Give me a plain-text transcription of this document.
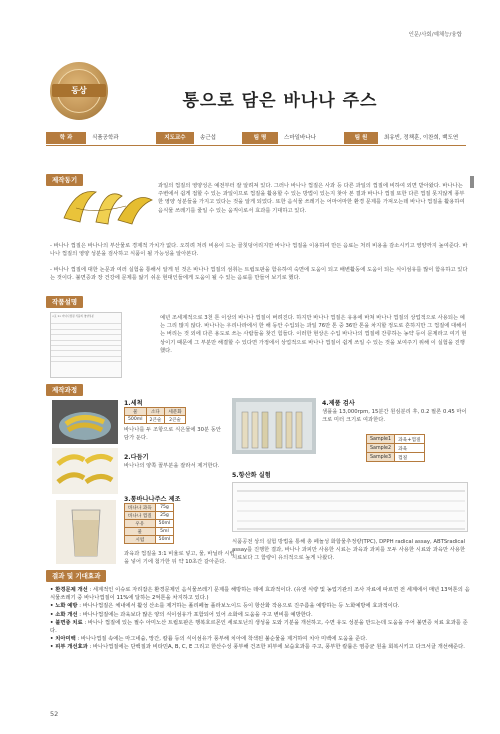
인문/사회/예체능/융합
동상
통으로 담은 바나나 주스
학 과	식품공학과	지도교수	송근섭	팀 명	스마일바나나	팀 원	최유빈, 정책훈, 이찬희, 백도연
제작동기
과일의 껍질의 영양성은 예전부터 잘 알려져 있다. 그러나 바나나 껍질은 사과 등 다른 과일의 껍질에 비하여 외면 받아왔다. 바나나는 주변에서 쉽게 접할 수 있는 과일이므로 껍질을 활용할 수 있는 방법이 있는지 찾아 본 결과 바나나 껍질 또한 다른 껍질 못지않게 풍부한 영양 성분들을 가지고 있다는 것을 알게 되었다. 또한 음식물 쓰레기는 어마어마한 환경 문제를 가져오는데 바나나 껍질을 활용하여 음식물 쓰레기를 줄일 수 있는 움직이로서 효과를 기대하고 있다.
- 바나나 껍질은 바나나의 부산물로 경제적 가치가 없다. 오히려 처리 비용이 드는 골칫덩어리지만 바나나 껍질을 이용하여 만든 음료는 처리 비용을 감소시키고 영양까지 높여준다. 바나나 껍질의 영양 성분을 검사하고 식품이 될 가능성을 알아본다.
- 바나나 껍질에 대한 논문과 여러 실험을 통해서 알게 된 것은 바나나 껍질의 섬취는 트립토판을 함유하여 숙면에 도움이 되고 배변활동에 도움이 되는 식이섬유를 많이 함유하고 있다는 것이다. 불면증과 장 건강에 문제를 앓기 쉬운 현대인들에게 도움이 될 수 있는 음료를 만들어 보기로 했다.
작품설명
<표 1> 바나나껍질 식품의 영양성분	예년 조세계적으로 3천 톤 이상의 바나나 껍질이 버려진다. 하지만 바나나 껍질은 유용에 바쳐 바나나 껍질의 상업적으로 사용되는 예는 그리 많지 않다. 바나나는 우리나라에서 한 해 동안 수입되는 과일 76만 톤 중 36만 톤을 차지할 정도로 흔하지만 그 껍질에 대해서는 버리는 것 외에 다른 용도로 쓰는 사람들을 찾긴 힘들다. 이러한 현상은 수입 바나나의 껍질에 잔류하는 농약 등이 문제라고 여기 현상이기 때문에 그 부분만 해결할 수 있다면 가정에서 상업적으로 바나나 껍질이 쉽게 쓰일 수 있는 것을 보여주기 위해 이 실험을 진행했다.
제작과정
1.세척
물	소다	세분화
500ml	2큰술	2큰술
바나나를 두 조항으로 식은물에 30분 동안 담가 둔다.
2.다듬기
바나나의 양쪽 꼴부분을 잘라서 제거한다.
3.통바나나주스 제조
바나나 과육	75g
바나나 껍질	25g
우유	50ml
물	5ml
시럽	50ml
과육과 껍질을 3:1 비율로 넣고, 물, 바닐라 시럽을 넣어 기에 첨가한 뒤 약 10초간 갈아준다.
4.제품 검사
샘플을 13,000rpm, 15분간 원심분리 후, 0.2 필론 0.45 마이크로 미터 크기로 여과한다.
Sample1	과육+껍질
Sample2	과육
Sample3	껍질
5.항산화 실험
식품공전 상의 실험 방법을 통해 총 페놀성 화합물추정량(TPC), DPPH radical assay, ABTSradical assay를 진행한 결과, 바나나 과피만 사용한 시료는 과육과 과피를 모두 사용한 시료와 과육만 사용한 시료보다 그 함량이 유의적으로 높게 나왔다.
결과 및 기대효과

• 환경문제 개선 : 세계적인 이슈로 자리잡은 환경문제인 음식물쓰레기 문제를 해방하는 데에 효과적이다. (유엔 식량 및 농업기관의 조사 자료에 따르면 전 세계에서 매년 13억톤의 음식물쓰레기 중 바나나껍질이 11%에 달하는 2억톤을 차지하고 있다.)

• 노화 예방 : 바나나껍질은 체내에서 활성 산소를 제거하는 폴리페놀 플라보노이드 등이 항산화 작용으로 진주름을 예방하는 등 노화예방에 효과적이다.

• 소화 개선 : 바나나껍질에는 과육보다 많은 양의 식이섬유가 포함되어 있어 소화에 도움을 주고 변비를 예방한다.

• 불면증 치료 : 바나나 껍질에 있는 필수 아미노산 트립토판은 행복호르몬인 세로토닌의 생성을 도와 기분을 개선하고, 수면 유도 성분을 만드는데 도움을 주어 불면증 치료 효과를 준다.

• 치아미백 : 바나나껍질 속에는 마그네슘, 망간, 칼륨 등의 식이섬유가 풍부해 치아에 착색된 불순물을 제거하여 치아 미백에 도움을 준다.

• 피부 개선효과 : 바나나껍질에는 단백질과 비타민A, B, C, E 그리고 한산수성 풍부해 건조한 피부에 보습효과를 주고, 풍부한 칼륨은 염증균 원을 회복시키고 다크서클 개선해준다.

52
